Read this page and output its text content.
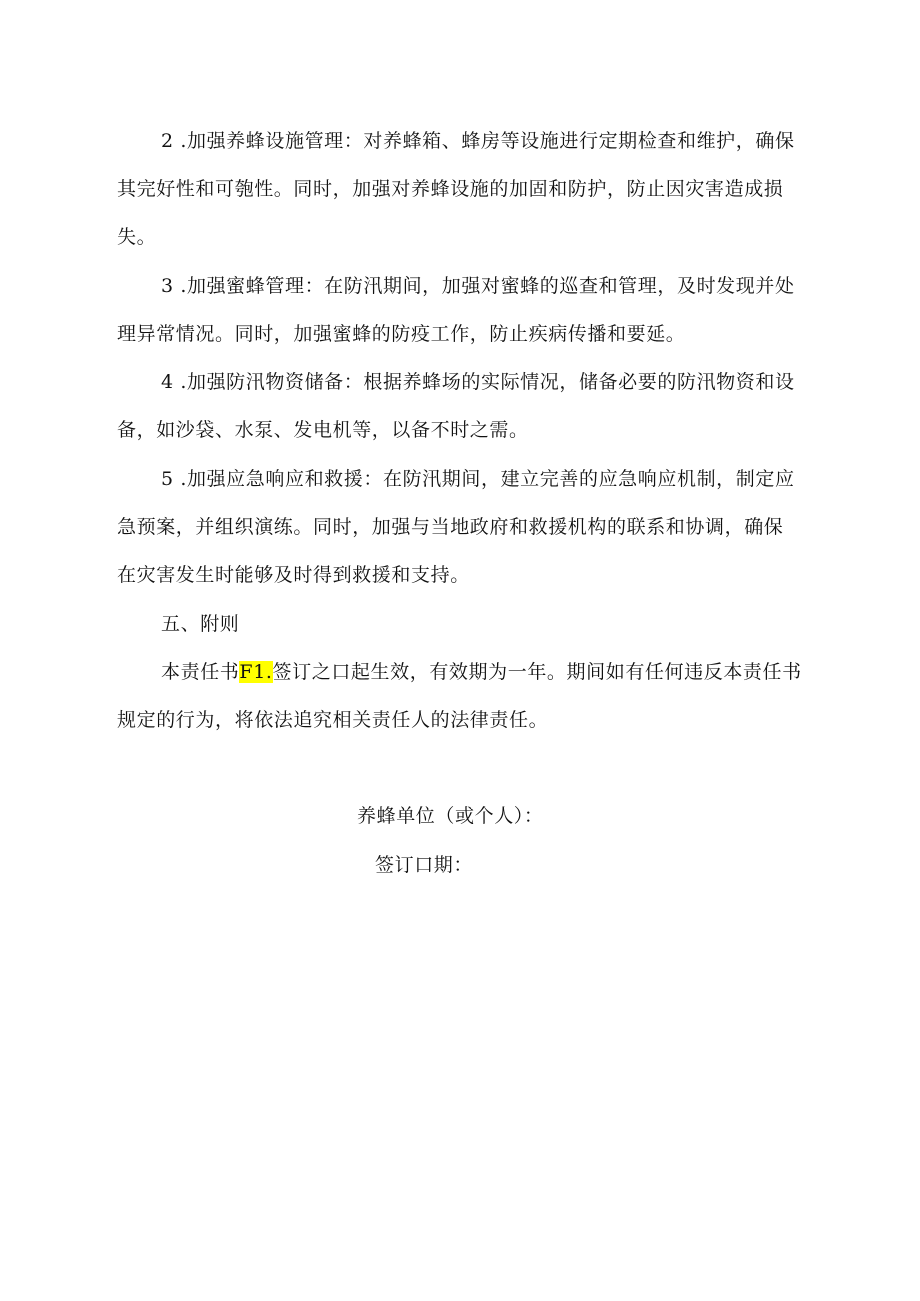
2 .加强养蜂设施管理：对养蜂箱、蜂房等设施进行定期检查和维护，确保其完好性和可匏性。同时，加强对养蜂设施的加固和防护，防止因灾害造成损失。

3 .加强蜜蜂管理：在防汛期间，加强对蜜蜂的巡查和管理，及时发现并处理异常情况。同时，加强蜜蜂的防疫工作，防止疾病传播和要延。

4 .加强防汛物资储备：根据养蜂场的实际情况，储备必要的防汛物资和设备，如沙袋、水泵、发电机等，以备不时之需。

5 .加强应急响应和救援：在防汛期间，建立完善的应急响应机制，制定应急预案，并组织演练。同时，加强与当地政府和救援机构的联系和协调，确保在灾害发生时能够及时得到救援和支持。

五、附则

本责任书F1.签订之口起生效，有效期为一年。期间如有任何违反本责任书规定的行为，将依法追究相关责任人的法律责任。

养蜂单位（或个人）：

签订口期：
